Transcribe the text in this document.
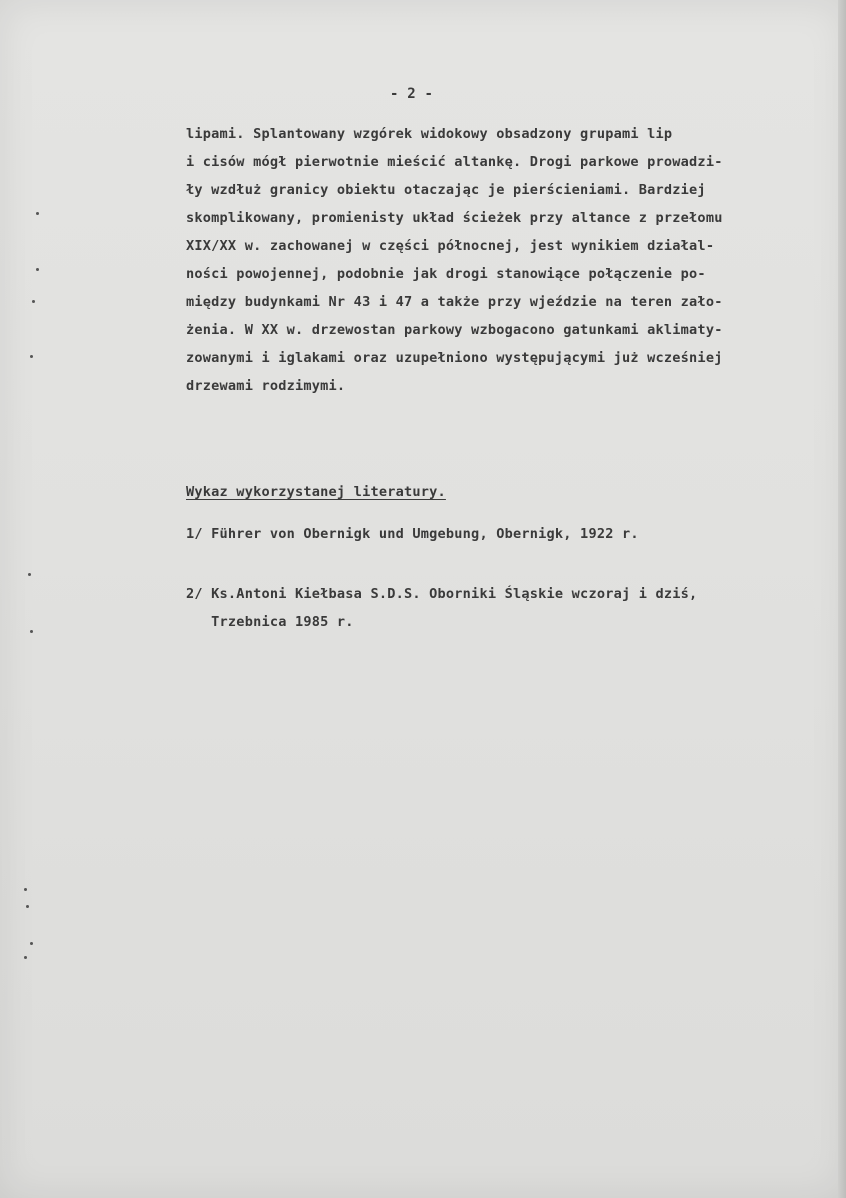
- 2 -
lipami. Splantowany wzgórek widokowy obsadzony grupami lip
i cisów mógł pierwotnie mieścić altankę. Drogi parkowe prowadzi-
ły wzdłuż granicy obiektu otaczając je pierścieniami. Bardziej
skomplikowany, promienisty układ ścieżek przy altance z przełomu
XIX/XX w. zachowanej w części północnej, jest wynikiem działal-
ności powojennej, podobnie jak drogi stanowiące połączenie po-
między budynkami Nr 43 i 47 a także przy wjeździe na teren zało-
żenia. W XX w. drzewostan parkowy wzbogacono gatunkami aklimaty-
zowanymi i iglakami oraz uzupełniono występującymi już wcześniej
drzewami rodzimymi.
Wykaz wykorzystanej literatury.
1/ Führer von Obernigk und Umgebung, Obernigk, 1922 r.
2/ Ks.Antoni Kiełbasa S.D.S. Oborniki Śląskie wczoraj i dziś,
Trzebnica 1985 r.
